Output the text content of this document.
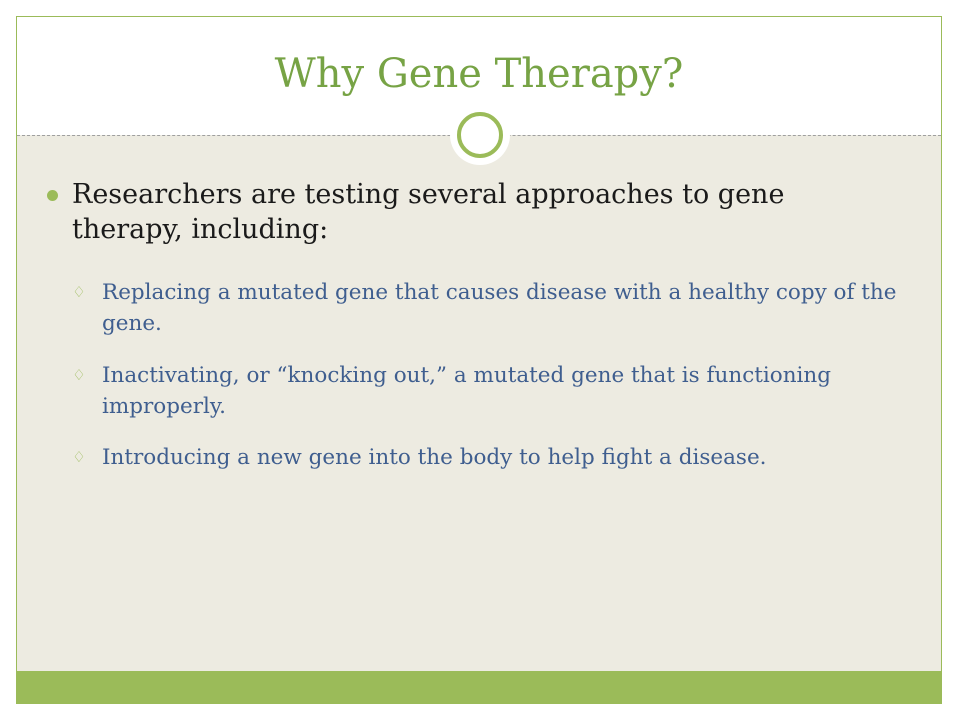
Why Gene Therapy?
Researchers are testing several approaches to gene therapy, including:
♢ Replacing a mutated gene that causes disease with a healthy copy of the gene.
♢ Inactivating, or “knocking out,” a mutated gene that is functioning improperly.
♢ Introducing a new gene into the body to help fight a disease.
